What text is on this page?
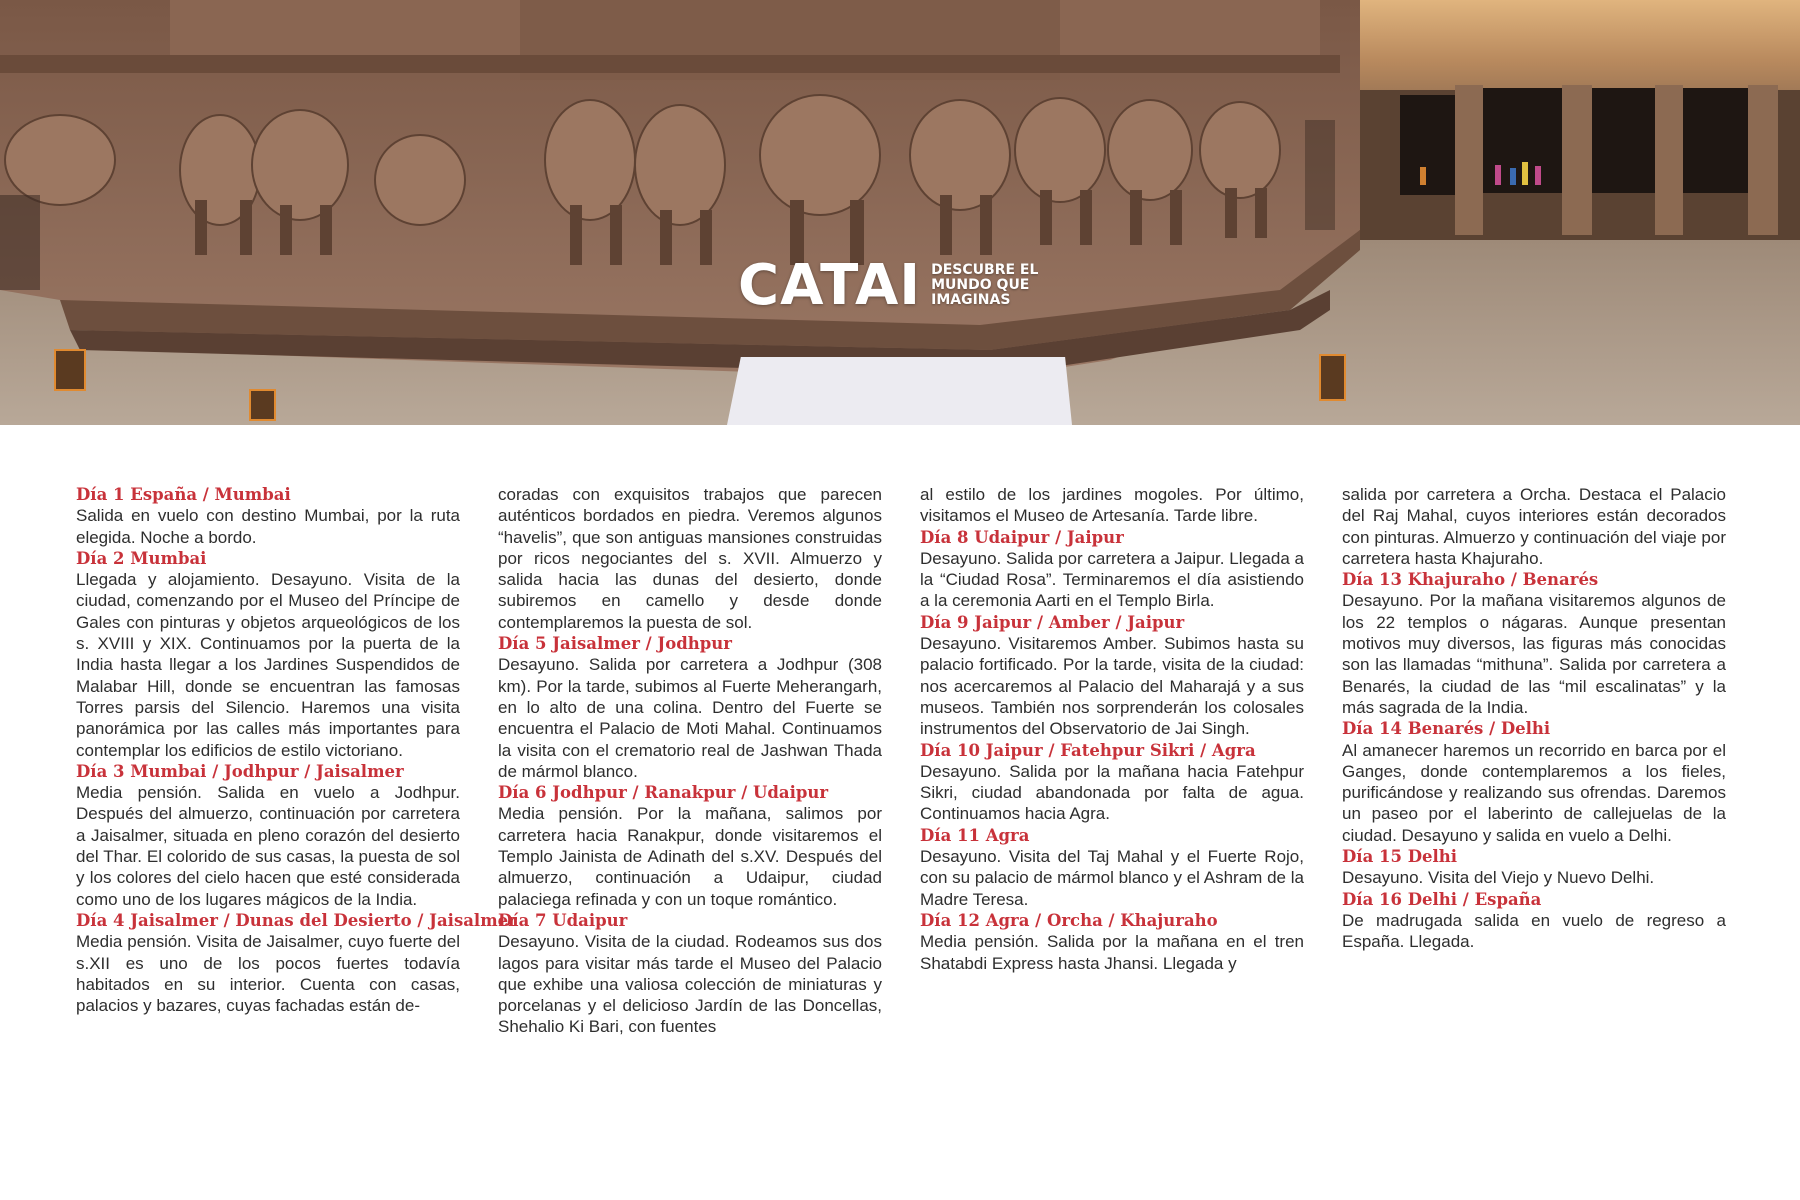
CATAI DESCUBRE EL
MUNDO QUE
IMAGINAS

Día 1 España / Mumbai
Salida en vuelo con destino Mumbai, por la ruta elegida. Noche a bordo.

Día 2 Mumbai
Llegada y alojamiento. Desayuno. Visita de la ciudad, comenzando por el Museo del Príncipe de Gales con pinturas y objetos arqueológicos de los s. XVIII y XIX. Continuamos por la puerta de la India hasta llegar a los Jardines Suspendidos de Malabar Hill, donde se encuentran las famosas Torres parsis del Silencio. Haremos una visita panorámica por las calles más importantes para contemplar los edificios de estilo victoriano.

Día 3 Mumbai / Jodhpur / Jaisalmer
Media pensión. Salida en vuelo a Jodhpur. Después del almuerzo, continuación por carretera a Jaisalmer, situada en pleno corazón del desierto del Thar. El colorido de sus casas, la puesta de sol y los colores del cielo hacen que esté considerada como uno de los lugares mágicos de la India.

Día 4 Jaisalmer / Dunas del Desierto / Jaisalmer
Media pensión. Visita de Jaisalmer, cuyo fuerte del s.XII es uno de los pocos fuertes todavía habitados en su interior. Cuenta con casas, palacios y bazares, cuyas fachadas están de-

coradas con exquisitos trabajos que parecen auténticos bordados en piedra. Veremos algunos “havelis”, que son antiguas mansiones construidas por ricos negociantes del s. XVII. Almuerzo y salida hacia las dunas del desierto, donde subiremos en camello y desde donde contemplaremos la puesta de sol.

Día 5 Jaisalmer / Jodhpur
Desayuno. Salida por carretera a Jodhpur (308 km). Por la tarde, subimos al Fuerte Meherangarh, en lo alto de una colina. Dentro del Fuerte se encuentra el Palacio de Moti Mahal. Continuamos la visita con el crematorio real de Jashwan Thada de mármol blanco.

Día 6 Jodhpur / Ranakpur / Udaipur
Media pensión. Por la mañana, salimos por carretera hacia Ranakpur, donde visitaremos el Templo Jainista de Adinath del s.XV. Después del almuerzo, continuación a Udaipur, ciudad palaciega refinada y con un toque romántico.

Día 7 Udaipur
Desayuno. Visita de la ciudad. Rodeamos sus dos lagos para visitar más tarde el Museo del Palacio que exhibe una valiosa colección de miniaturas y porcelanas y el delicioso Jardín de las Doncellas, Shehalio Ki Bari, con fuentes

al estilo de los jardines mogoles. Por último, visitamos el Museo de Artesanía. Tarde libre.

Día 8 Udaipur / Jaipur
Desayuno. Salida por carretera a Jaipur. Llegada a la “Ciudad Rosa”. Terminaremos el día asistiendo a la ceremonia Aarti en el Templo Birla.

Día 9 Jaipur / Amber / Jaipur
Desayuno. Visitaremos Amber. Subimos hasta su palacio fortificado. Por la tarde, visita de la ciudad: nos acercaremos al Palacio del Maharajá y a sus museos. También nos sorprenderán los colosales instrumentos del Observatorio de Jai Singh.

Día 10 Jaipur / Fatehpur Sikri / Agra
Desayuno. Salida por la mañana hacia Fatehpur Sikri, ciudad abandonada por falta de agua. Continuamos hacia Agra.

Día 11 Agra
Desayuno. Visita del Taj Mahal y el Fuerte Rojo, con su palacio de mármol blanco y el Ashram de la Madre Teresa.

Día 12 Agra / Orcha / Khajuraho
Media pensión. Salida por la mañana en el tren Shatabdi Express hasta Jhansi. Llegada y

salida por carretera a Orcha. Destaca el Palacio del Raj Mahal, cuyos interiores están decorados con pinturas. Almuerzo y continuación del viaje por carretera hasta Khajuraho.

Día 13 Khajuraho / Benarés
Desayuno. Por la mañana visitaremos algunos de los 22 templos o nágaras. Aunque presentan motivos muy diversos, las figuras más conocidas son las llamadas “mithuna”. Salida por carretera a Benarés, la ciudad de las “mil escalinatas” y la más sagrada de la India.

Día 14 Benarés / Delhi
Al amanecer haremos un recorrido en barca por el Ganges, donde contemplaremos a los fieles, purificándose y realizando sus ofrendas. Daremos un paseo por el laberinto de callejuelas de la ciudad. Desayuno y salida en vuelo a Delhi.

Día 15 Delhi
Desayuno. Visita del Viejo y Nuevo Delhi.

Día 16 Delhi / España
De madrugada salida en vuelo de regreso a España. Llegada.
